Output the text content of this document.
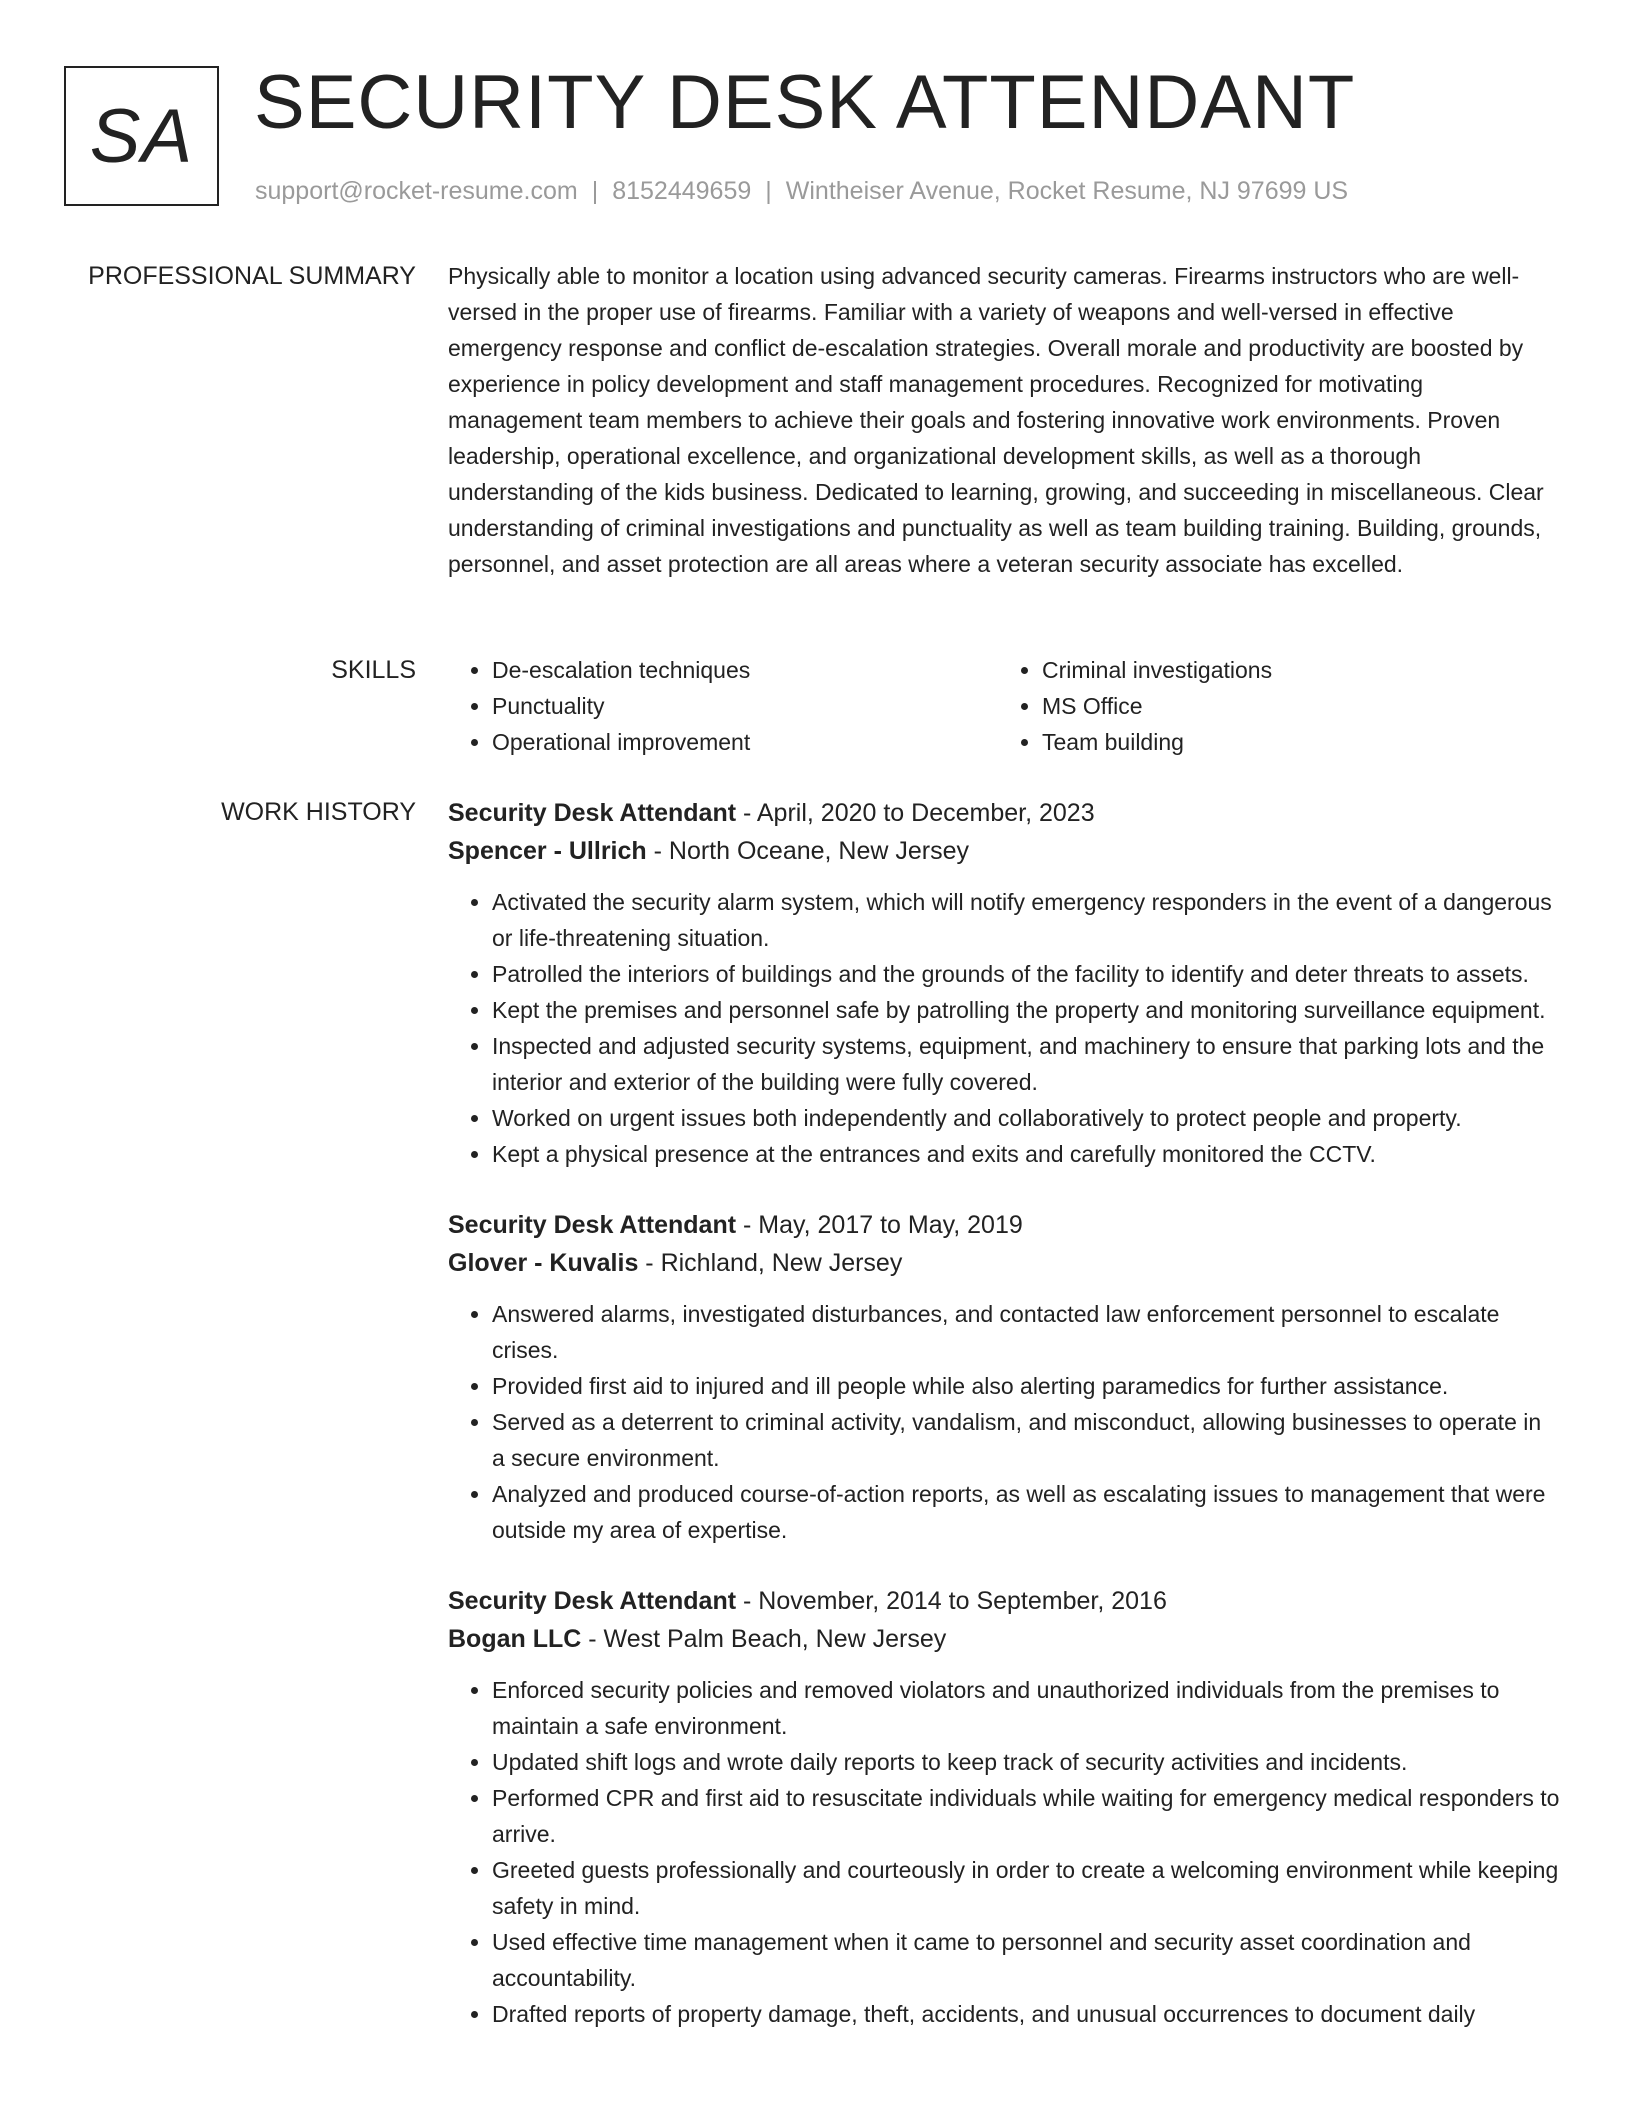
SA SECURITY DESK ATTENDANT
support@rocket-resume.com | 8152449659 | Wintheiser Avenue, Rocket Resume, NJ 97699 US
PROFESSIONAL SUMMARY Physically able to monitor a location using advanced security cameras. Firearms instructors who are well-versed in the proper use of firearms. Familiar with a variety of weapons and well-versed in effective emergency response and conflict de-escalation strategies. Overall morale and productivity are boosted by experience in policy development and staff management procedures. Recognized for motivating management team members to achieve their goals and fostering innovative work environments. Proven leadership, operational excellence, and organizational development skills, as well as a thorough understanding of the kids business. Dedicated to learning, growing, and succeeding in miscellaneous. Clear understanding of criminal investigations and punctuality as well as team building training. Building, grounds, personnel, and asset protection are all areas where a veteran security associate has excelled.

SKILLS
•	De-escalation techniques
• Punctuality
• Operational improvement
• Criminal investigations
• MS Office
• Team building
WORK HISTORY Security Desk Attendant - April, 2020 to December, 2023

Spencer - Ullrich - North Oceane, New Jersey

• Activated the security alarm system, which will notify emergency responders in the event of a dangerous or life-threatening situation.
• Patrolled the interiors of buildings and the grounds of the facility to identify and deter threats to assets.
• Kept the premises and personnel safe by patrolling the property and monitoring surveillance equipment.
• Inspected and adjusted security systems, equipment, and machinery to ensure that parking lots and the interior and exterior of the building were fully covered.
• Worked on urgent issues both independently and collaboratively to protect people and property.
• Kept a physical presence at the entrances and exits and carefully monitored the CCTV.

Security Desk Attendant - May, 2017 to May, 2019

Glover - Kuvalis - Richland, New Jersey

• Answered alarms, investigated disturbances, and contacted law enforcement personnel to escalate crises.
• Provided first aid to injured and ill people while also alerting paramedics for further assistance.
• Served as a deterrent to criminal activity, vandalism, and misconduct, allowing businesses to operate in a secure environment.
• Analyzed and produced course-of-action reports, as well as escalating issues to management that were outside my area of expertise.

Security Desk Attendant - November, 2014 to September, 2016

Bogan LLC - West Palm Beach, New Jersey

• Enforced security policies and removed violators and unauthorized individuals from the premises to maintain a safe environment.
• Updated shift logs and wrote daily reports to keep track of security activities and incidents.
• Performed CPR and first aid to resuscitate individuals while waiting for emergency medical responders to arrive.
• Greeted guests professionally and courteously in order to create a welcoming environment while keeping safety in mind.
• Used effective time management when it came to personnel and security asset coordination and accountability.
• Drafted reports of property damage, theft, accidents, and unusual occurrences to document daily
